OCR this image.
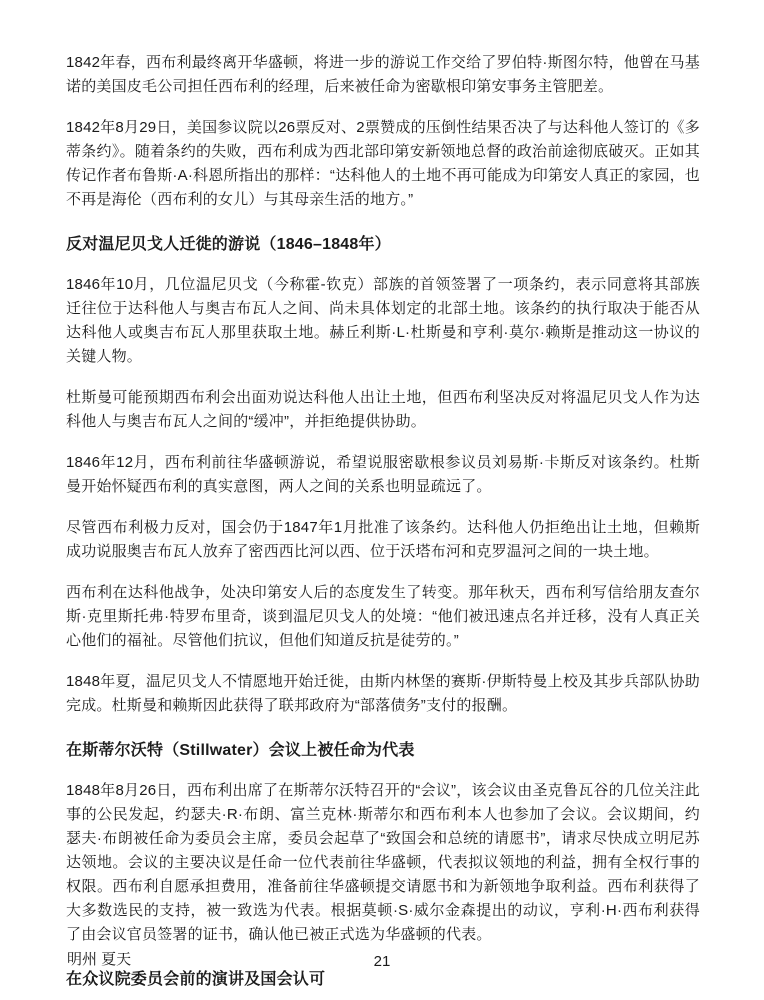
1842年春，西布利最终离开华盛顿，将进一步的游说工作交给了罗伯特·斯图尔特，他曾在马基诺的美国皮毛公司担任西布利的经理，后来被任命为密歇根印第安事务主管肥差。

1842年8月29日，美国参议院以26票反对、2票赞成的压倒性结果否决了与达科他人签订的《多蒂条约》。随着条约的失败，西布利成为西北部印第安新领地总督的政治前途彻底破灭。正如其传记作者布鲁斯·A·科恩所指出的那样：“达科他人的土地不再可能成为印第安人真正的家园，也不再是海伦（西布利的女儿）与其母亲生活的地方。”

反对温尼贝戈人迁徙的游说（1846–1848年）

1846年10月，几位温尼贝戈（今称霍-钦克）部族的首领签署了一项条约，表示同意将其部族迁往位于达科他人与奥吉布瓦人之间、尚未具体划定的北部土地。该条约的执行取决于能否从达科他人或奥吉布瓦人那里获取土地。赫丘利斯·L·杜斯曼和亨利·莫尔·赖斯是推动这一协议的关键人物。

杜斯曼可能预期西布利会出面劝说达科他人出让土地，但西布利坚决反对将温尼贝戈人作为达科他人与奥吉布瓦人之间的“缓冲”，并拒绝提供协助。

1846年12月，西布利前往华盛顿游说，希望说服密歇根参议员刘易斯·卡斯反对该条约。杜斯曼开始怀疑西布利的真实意图，两人之间的关系也明显疏远了。

尽管西布利极力反对，国会仍于1847年1月批准了该条约。达科他人仍拒绝出让土地，但赖斯成功说服奥吉布瓦人放弃了密西西比河以西、位于沃塔布河和克罗温河之间的一块土地。

西布利在达科他战争，处决印第安人后的态度发生了转变。那年秋天，西布利写信给朋友查尔斯·克里斯托弗·特罗布里奇，谈到温尼贝戈人的处境：“他们被迅速点名并迁移，没有人真正关心他们的福祉。尽管他们抗议，但他们知道反抗是徒劳的。”

1848年夏，温尼贝戈人不情愿地开始迁徙，由斯内林堡的赛斯·伊斯特曼上校及其步兵部队协助完成。杜斯曼和赖斯因此获得了联邦政府为“部落债务”支付的报酬。

在斯蒂尔沃特（Stillwater）会议上被任命为代表

1848年8月26日，西布利出席了在斯蒂尔沃特召开的“会议”，该会议由圣克鲁瓦谷的几位关注此事的公民发起，约瑟夫·R·布朗、富兰克林·斯蒂尔和西布利本人也参加了会议。会议期间，约瑟夫·布朗被任命为委员会主席，委员会起草了“致国会和总统的请愿书”，请求尽快成立明尼苏达领地。会议的主要决议是任命一位代表前往华盛顿，代表拟议领地的利益，拥有全权行事的权限。西布利自愿承担费用，准备前往华盛顿提交请愿书和为新领地争取利益。西布利获得了大多数选民的支持，被一致选为代表。根据莫顿·S·威尔金森提出的动议，亨利·H·西布利获得了由会议官员签署的证书，确认他已被正式选为华盛顿的代表。

在众议院委员会前的演讲及国会认可
明州 夏天	21
